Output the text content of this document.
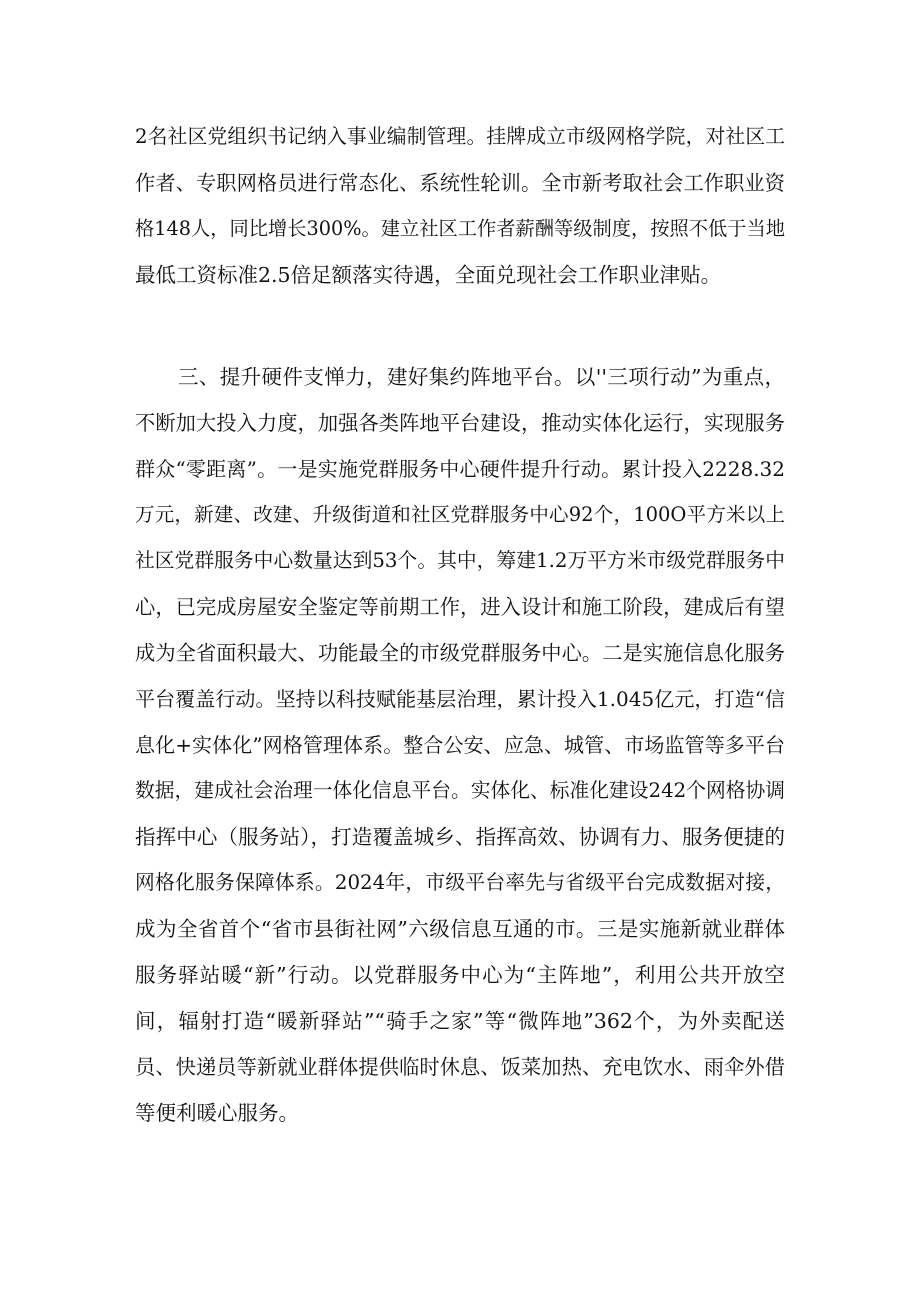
2名社区党组织书记纳入事业编制管理。挂牌成立市级网格学院，对社区工
作者、专职网格员进行常态化、系统性轮训。全市新考取社会工作职业资
格148人，同比增长300%。建立社区工作者薪酬等级制度，按照不低于当地
最低工资标准2.5倍足额落实待遇，全面兑现社会工作职业津贴。
三、提升硬件支惮力，建好集约阵地平台。以''三项行动”为重点，
不断加大投入力度，加强各类阵地平台建设，推动实体化运行，实现服务
群众“零距离”。一是实施党群服务中心硬件提升行动。累计投入2228.32
万元，新建、改建、升级街道和社区党群服务中心92个，100O平方米以上
社区党群服务中心数量达到53个。其中，筹建1.2万平方米市级党群服务中
心，已完成房屋安全鉴定等前期工作，进入设计和施工阶段，建成后有望
成为全省面积最大、功能最全的市级党群服务中心。二是实施信息化服务
平台覆盖行动。坚持以科技赋能基层治理，累计投入1.045亿元，打造“信
息化+实体化”网格管理体系。整合公安、应急、城管、市场监管等多平台
数据，建成社会治理一体化信息平台。实体化、标准化建设242个网格协调
指挥中心（服务站），打造覆盖城乡、指挥高效、协调有力、服务便捷的
网格化服务保障体系。2024年，市级平台率先与省级平台完成数据对接，
成为全省首个“省市县街社网”六级信息互通的市。三是实施新就业群体
服务驿站暖“新”行动。以党群服务中心为“主阵地”，利用公共开放空
间，辐射打造“暖新驿站”“骑手之家”等“微阵地”362个，为外卖配送
员、快递员等新就业群体提供临时休息、饭菜加热、充电饮水、雨伞外借
等便利暖心服务。
